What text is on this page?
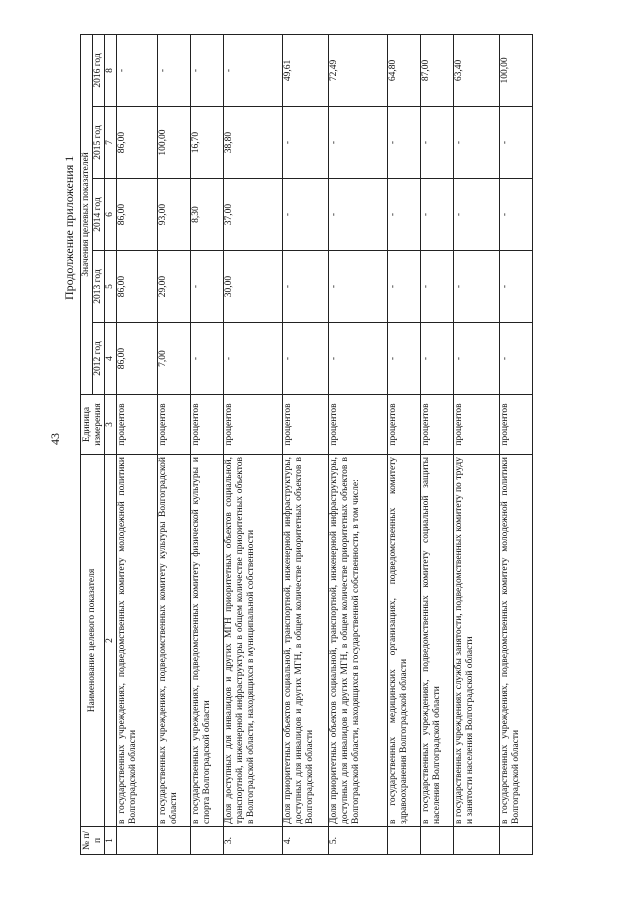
43
Продолжение приложения 1
№ п/п	Наименование целевого показателя	Единица измерения	Значения целевых показателей				
			2012 год	2013 год	2014 год	2015 год	2016 год
1	2	3	4	5	6	7	8
	в государственных учреждениях, подведомственных комитету молодежной политики Волгоградской области	процентов	86,00	86,00	86,00	86,00	-
	в государственных учреждениях, подведомственных комитету культуры Волгоградской области	процентов	7,00	29,00	93,00	100,00	-
	в государственных учреждениях, подведомственных комитету физической культуры и спорта Волгоградской области	процентов	-	-	8,30	16,70	-
3.	Доля доступных для инвалидов и других МГН приоритетных объектов социальной, транспортной, инженерной инфраструктуры в общем количестве приоритетных объектов в Волгоградской области, находящихся в муниципальной собственности	процентов	-	30,00	37,00	38,80	-
4.	Доля приоритетных объектов социальной, транспортной, инженерной инфраструктуры, доступных для инвалидов и других МГН, в общем количестве приоритетных объектов в Волгоградской области	процентов	-	-	-	-	49,61
5.	Доля приоритетных объектов социальной, транспортной, инженерной инфраструктуры, доступных для инвалидов и других МГН, в общем количестве приоритетных объектов в Волгоградской области, находящихся в государственной собственности, в том числе:	процентов	-	-	-	-	72,49
	в государственных медицинских организациях, подведомственных комитету здравоохранения Волгоградской области	процентов	-	-	-	-	64,80
	в государственных учреждениях, подведомственных комитету социальной защиты населения Волгоградской области	процентов	-	-	-	-	87,00
	в государственных учреждениях службы занятости, подведомственных комитету по труду и занятости населения Волгоградской области	процентов	-	-	-	-	63,40
	в государственных учреждениях, подведомственных комитету молодежной политики Волгоградской области	процентов	-	-	-	-	100,00
